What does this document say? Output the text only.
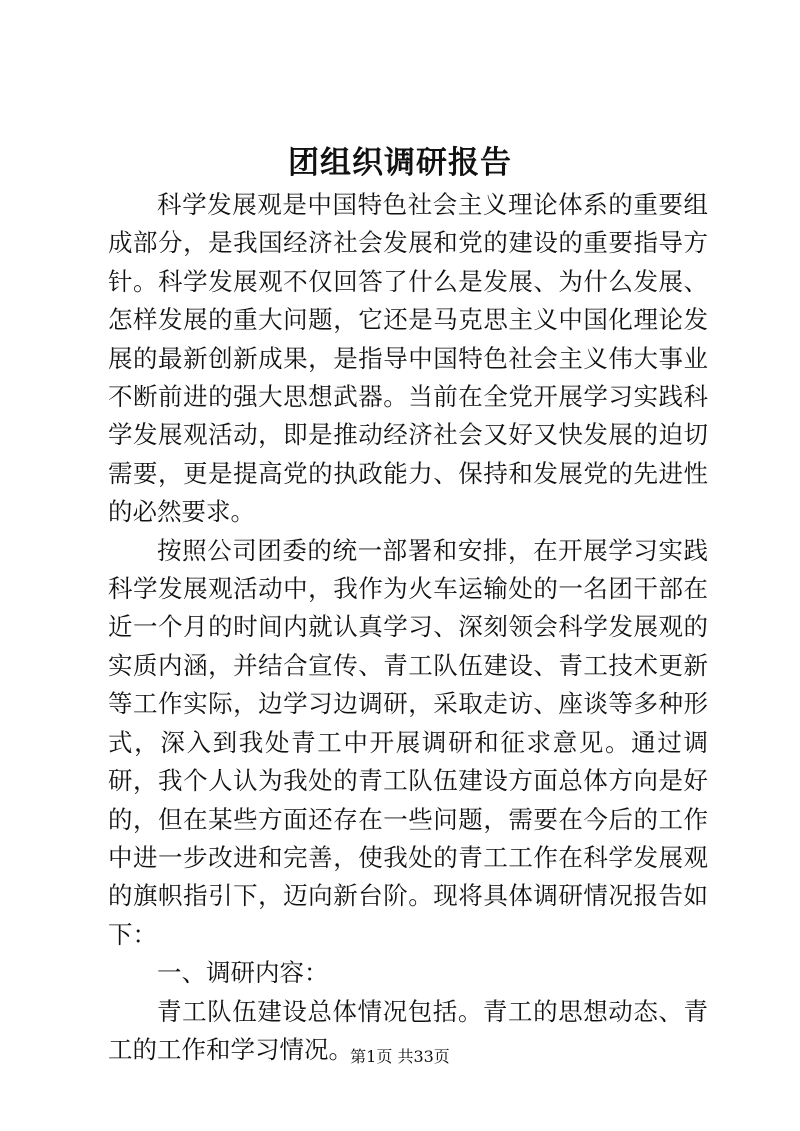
团组织调研报告

科学发展观是中国特色社会主义理论体系的重要组成部分，是我国经济社会发展和党的建设的重要指导方针。科学发展观不仅回答了什么是发展、为什么发展、怎样发展的重大问题，它还是马克思主义中国化理论发展的最新创新成果，是指导中国特色社会主义伟大事业不断前进的强大思想武器。当前在全党开展学习实践科学发展观活动，即是推动经济社会又好又快发展的迫切需要，更是提高党的执政能力、保持和发展党的先进性的必然要求。

按照公司团委的统一部署和安排，在开展学习实践科学发展观活动中，我作为火车运输处的一名团干部在近一个月的时间内就认真学习、深刻领会科学发展观的实质内涵，并结合宣传、青工队伍建设、青工技术更新等工作实际，边学习边调研，采取走访、座谈等多种形式，深入到我处青工中开展调研和征求意见。通过调研，我个人认为我处的青工队伍建设方面总体方向是好的，但在某些方面还存在一些问题，需要在今后的工作中进一步改进和完善，使我处的青工工作在科学发展观的旗帜指引下，迈向新台阶。现将具体调研情况报告如下：

一、调研内容：

青工队伍建设总体情况包括。青工的思想动态、青工的工作和学习情况。

第1页 共33页
